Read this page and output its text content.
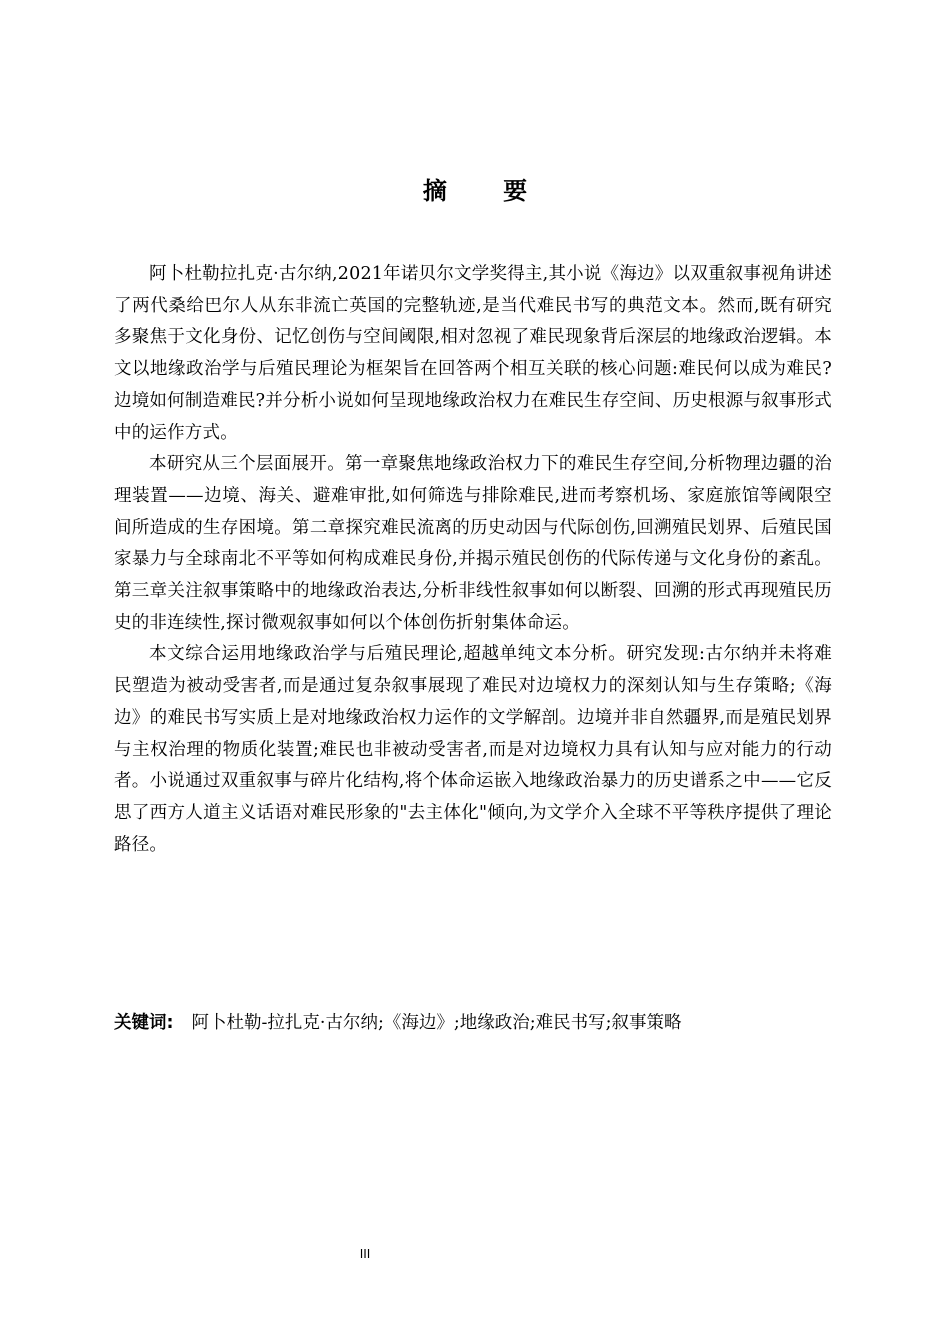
摘 要

阿卜杜勒拉扎克·古尔纳,2021年诺贝尔文学奖得主,其小说《海边》以双重叙事视角讲述了两代桑给巴尔人从东非流亡英国的完整轨迹,是当代难民书写的典范文本。然而,既有研究多聚焦于文化身份、记忆创伤与空间阈限,相对忽视了难民现象背后深层的地缘政治逻辑。本文以地缘政治学与后殖民理论为框架旨在回答两个相互关联的核心问题:难民何以成为难民?边境如何制造难民?并分析小说如何呈现地缘政治权力在难民生存空间、历史根源与叙事形式中的运作方式。

本研究从三个层面展开。第一章聚焦地缘政治权力下的难民生存空间,分析物理边疆的治理装置——边境、海关、避难审批,如何筛选与排除难民,进而考察机场、家庭旅馆等阈限空间所造成的生存困境。第二章探究难民流离的历史动因与代际创伤,回溯殖民划界、后殖民国家暴力与全球南北不平等如何构成难民身份,并揭示殖民创伤的代际传递与文化身份的紊乱。第三章关注叙事策略中的地缘政治表达,分析非线性叙事如何以断裂、回溯的形式再现殖民历史的非连续性,探讨微观叙事如何以个体创伤折射集体命运。

本文综合运用地缘政治学与后殖民理论,超越单纯文本分析。研究发现:古尔纳并未将难民塑造为被动受害者,而是通过复杂叙事展现了难民对边境权力的深刻认知与生存策略;《海边》的难民书写实质上是对地缘政治权力运作的文学解剖。边境并非自然疆界,而是殖民划界与主权治理的物质化装置;难民也非被动受害者,而是对边境权力具有认知与应对能力的行动者。小说通过双重叙事与碎片化结构,将个体命运嵌入地缘政治暴力的历史谱系之中——它反思了西方人道主义话语对难民形象的"去主体化"倾向,为文学介入全球不平等秩序提供了理论路径。

关键词: 阿卜杜勒-拉扎克·古尔纳;《海边》;地缘政治;难民书写;叙事策略
III
